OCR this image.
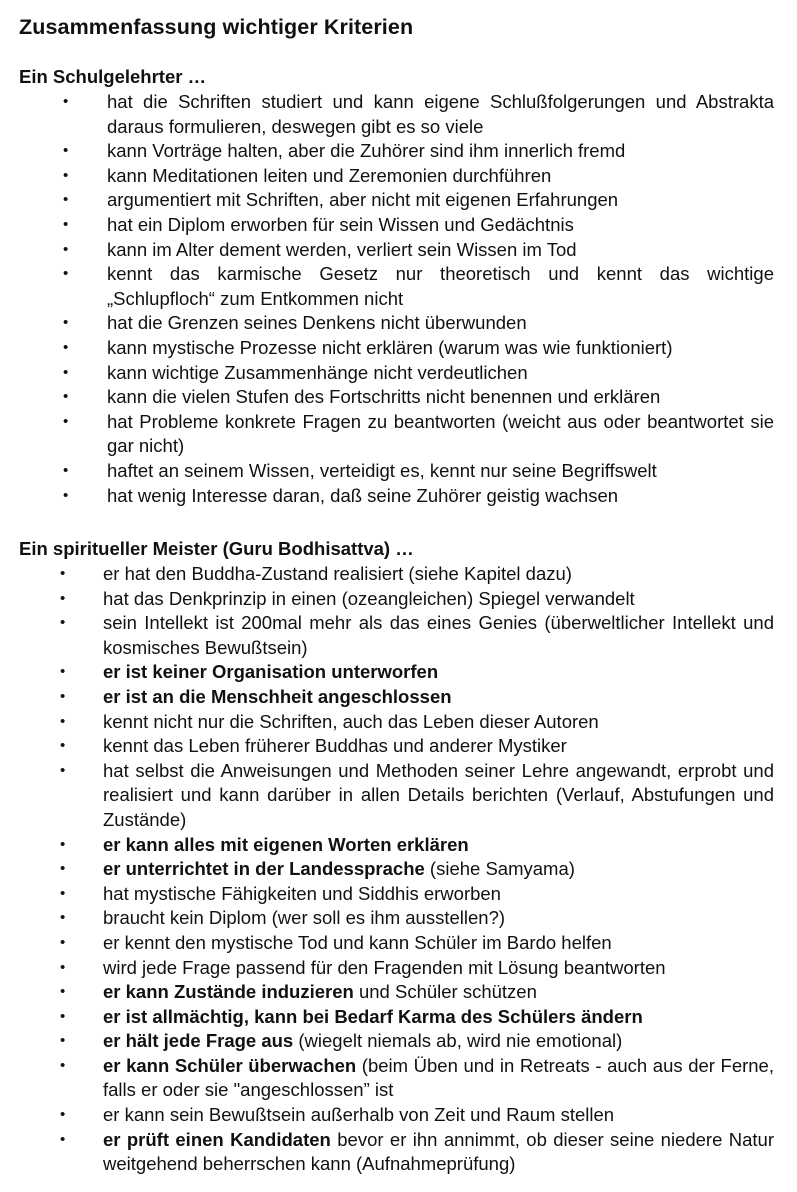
Zusammenfassung wichtiger Kriterien

Ein Schulgelehrter …

• hat die Schriften studiert und kann eigene Schlußfolgerungen und Abstrakta daraus formulieren, deswegen gibt es so viele
• kann Vorträge halten, aber die Zuhörer sind ihm innerlich fremd
• kann Meditationen leiten und Zeremonien durchführen
• argumentiert mit Schriften, aber nicht mit eigenen Erfahrungen
• hat ein Diplom erworben für sein Wissen und Gedächtnis
• kann im Alter dement werden, verliert sein Wissen im Tod
• kennt das karmische Gesetz nur theoretisch und kennt das wichtige „Schlupfloch“ zum Entkommen nicht
• hat die Grenzen seines Denkens nicht überwunden
• kann mystische Prozesse nicht erklären (warum was wie funktioniert)
• kann wichtige Zusammenhänge nicht verdeutlichen
• kann die vielen Stufen des Fortschritts nicht benennen und erklären
• hat Probleme konkrete Fragen zu beantworten (weicht aus oder beantwortet sie gar nicht)
• haftet an seinem Wissen, verteidigt es, kennt nur seine Begriffswelt
• hat wenig Interesse daran, daß seine Zuhörer geistig wachsen

Ein spiritueller Meister (Guru Bodhisattva) …

• er hat den Buddha-Zustand realisiert (siehe Kapitel dazu)
• hat das Denkprinzip in einen (ozeangleichen) Spiegel verwandelt
• sein Intellekt ist 200mal mehr als das eines Genies (überweltlicher Intellekt und kosmisches Bewußtsein)
• er ist keiner Organisation unterworfen
• er ist an die Menschheit angeschlossen
• kennt nicht nur die Schriften, auch das Leben dieser Autoren
• kennt das Leben früherer Buddhas und anderer Mystiker
• hat selbst die Anweisungen und Methoden seiner Lehre angewandt, erprobt und realisiert und kann darüber in allen Details berichten (Verlauf, Abstufungen und Zustände)
• er kann alles mit eigenen Worten erklären
• er unterrichtet in der Landessprache (siehe Samyama)
• hat mystische Fähigkeiten und Siddhis erworben
• braucht kein Diplom (wer soll es ihm ausstellen?)
• er kennt den mystische Tod und kann Schüler im Bardo helfen
• wird jede Frage passend für den Fragenden mit Lösung beantworten
• er kann Zustände induzieren und Schüler schützen
• er ist allmächtig, kann bei Bedarf Karma des Schülers ändern
• er hält jede Frage aus (wiegelt niemals ab, wird nie emotional)
• er kann Schüler überwachen (beim Üben und in Retreats - auch aus der Ferne, falls er oder sie "angeschlossen” ist
• er kann sein Bewußtsein außerhalb von Zeit und Raum stellen
• er prüft einen Kandidaten bevor er ihn annimmt, ob dieser seine niedere Natur weitgehend beherrschen kann (Aufnahmeprüfung)
